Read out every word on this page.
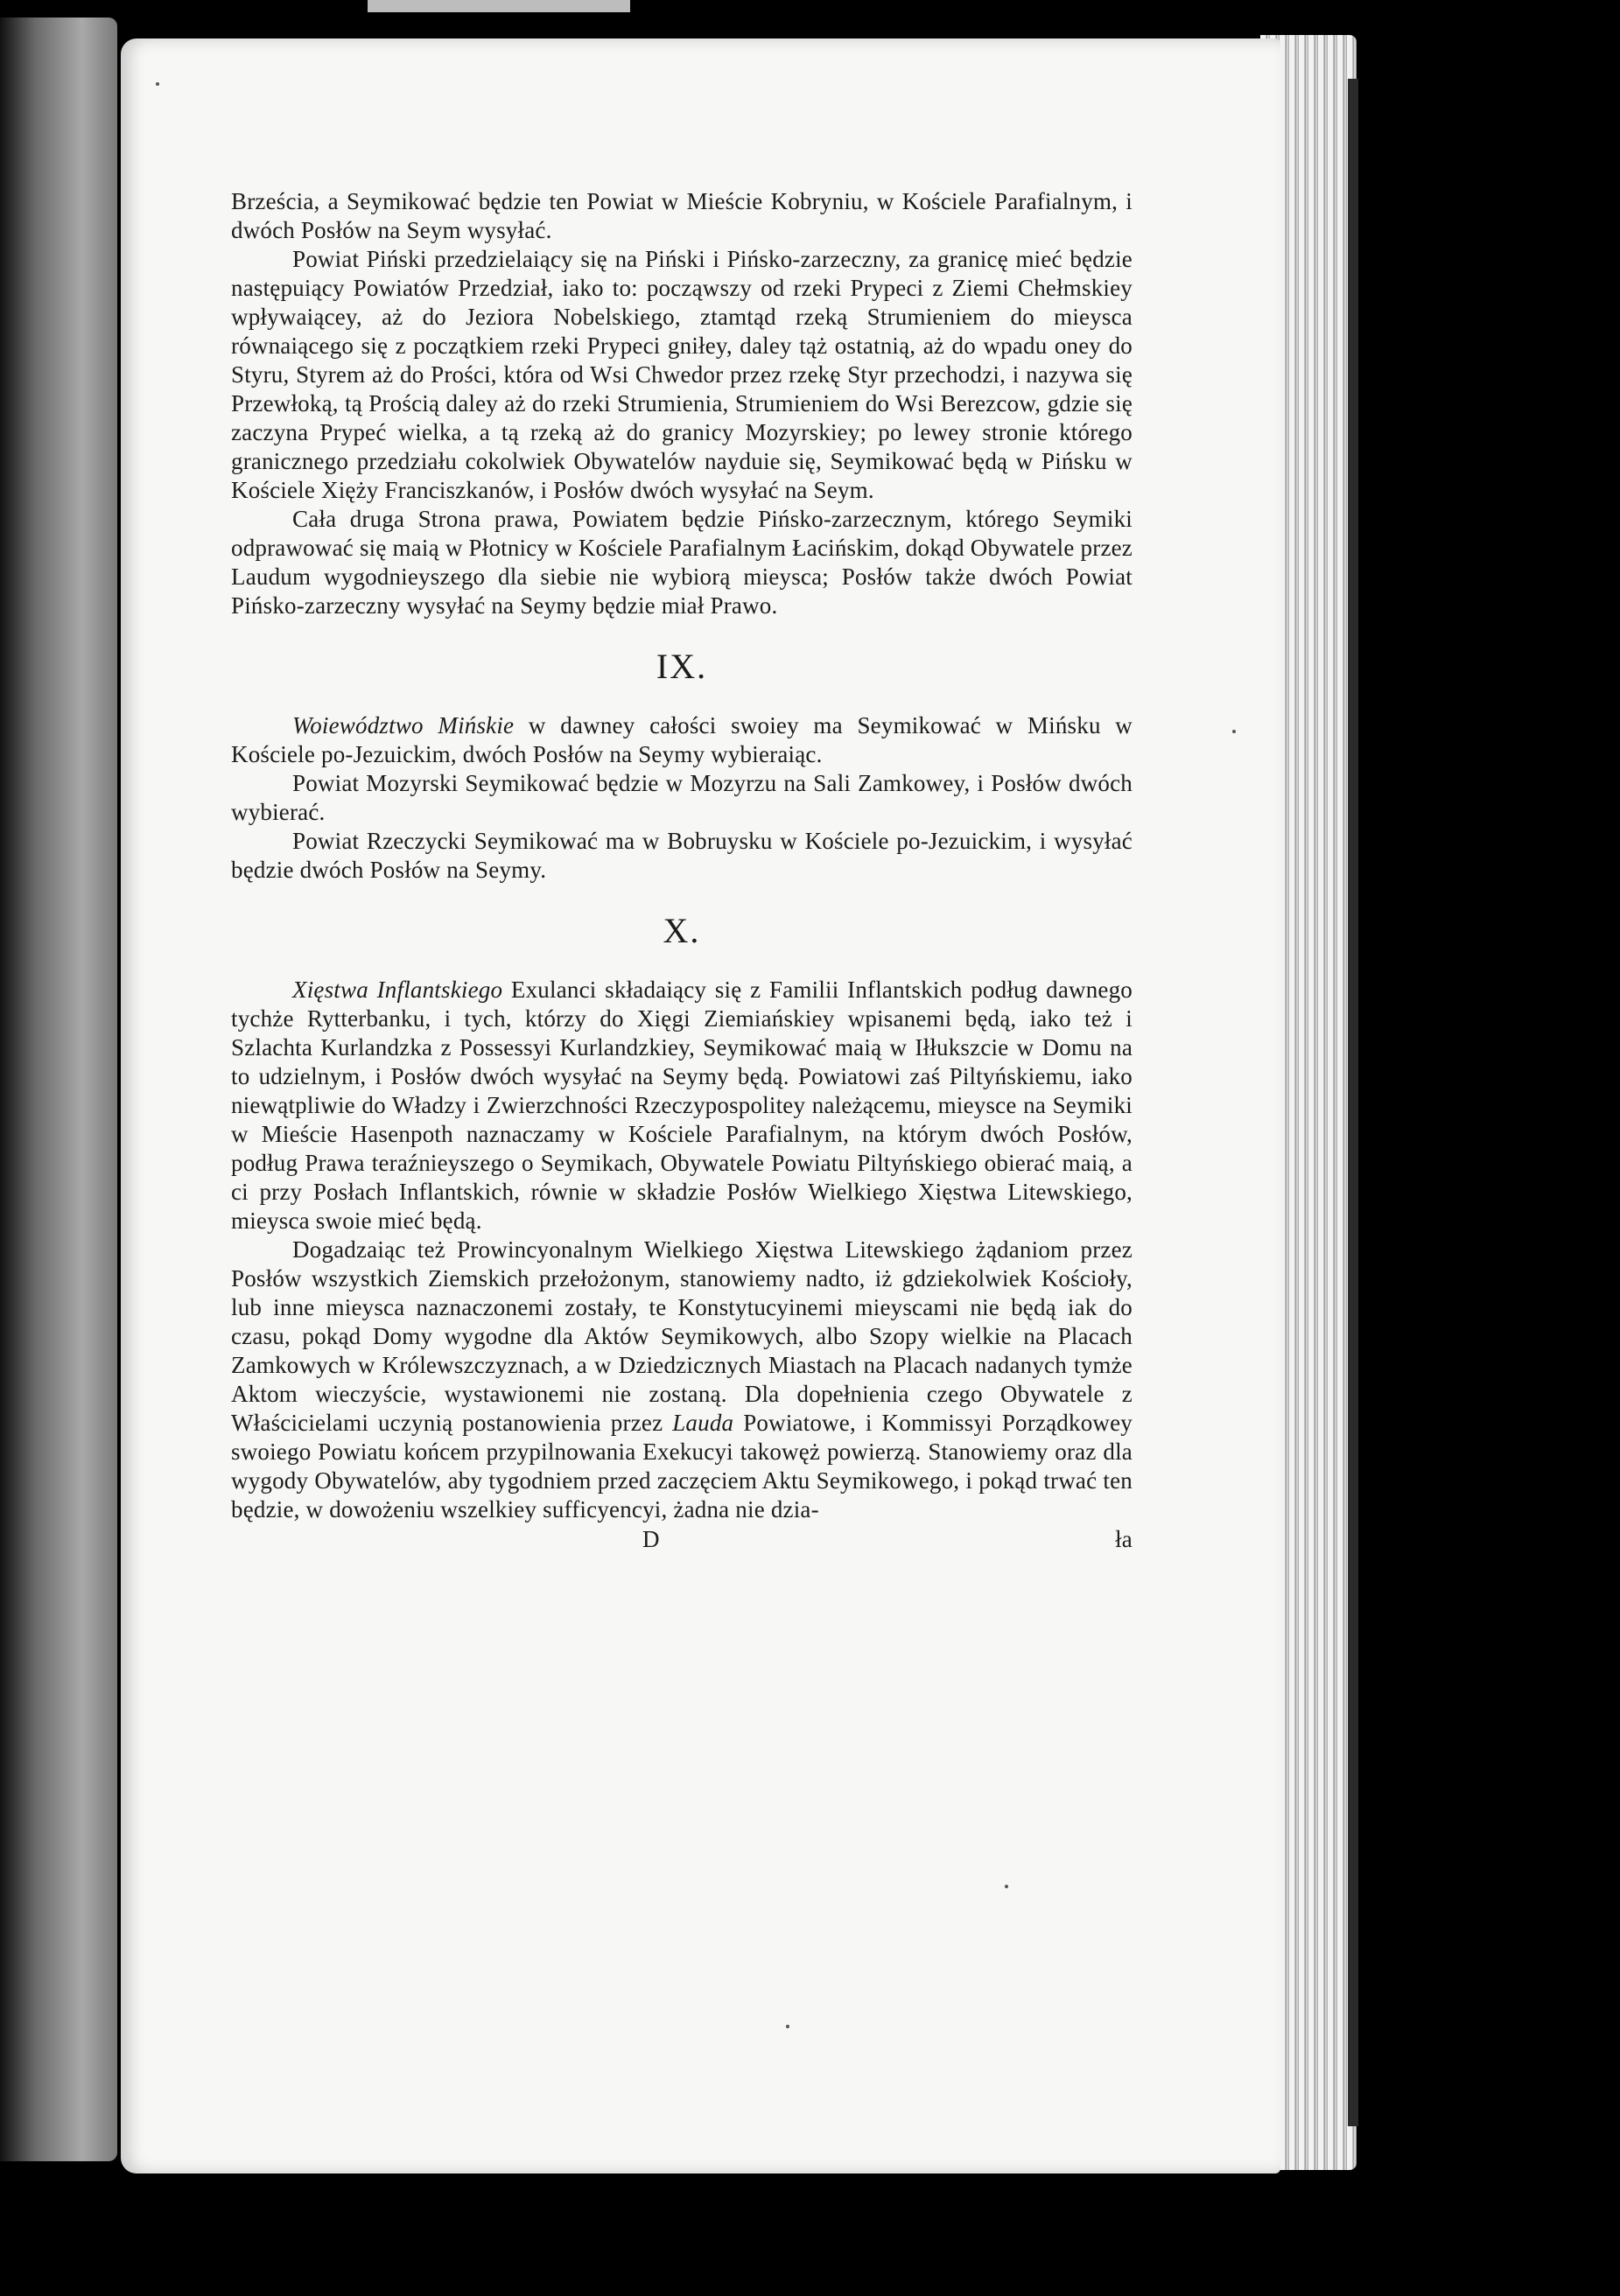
Brześcia, a Seymikować będzie ten Powiat w Mieście Kobryniu, w Kościele Parafialnym, i dwóch Posłów na Seym wysyłać.

Powiat Piński przedzielaiący się na Piński i Pińsko-zarzeczny, za granicę mieć będzie następuiący Powiatów Przedział, iako to: począwszy od rzeki Prypeci z Ziemi Chełmskiey wpływaiącey, aż do Jeziora Nobelskiego, ztamtąd rzeką Strumieniem do mieysca równaiącego się z początkiem rzeki Prypeci gniłey, daley tąż ostatnią, aż do wpadu oney do Styru, Styrem aż do Prości, która od Wsi Chwedor przez rzekę Styr przechodzi, i nazywa się Przewłoką, tą Prością daley aż do rzeki Strumienia, Strumieniem do Wsi Berezcow, gdzie się zaczyna Prypeć wielka, a tą rzeką aż do granicy Mozyrskiey; po lewey stronie którego granicznego przedziału cokolwiek Obywatelów nayduie się, Seymikować będą w Pińsku w Kościele Xięży Franciszkanów, i Posłów dwóch wysyłać na Seym.

Cała druga Strona prawa, Powiatem będzie Pińsko-zarzecznym, którego Seymiki odprawować się maią w Płotnicy w Kościele Parafialnym Łacińskim, dokąd Obywatele przez Laudum wygodnieyszego dla siebie nie wybiorą mieysca; Posłów także dwóch Powiat Pińsko-zarzeczny wysyłać na Seymy będzie miał Prawo.

IX.

Woiewództwo Mińskie w dawney całości swoiey ma Seymikować w Mińsku w Kościele po-Jezuickim, dwóch Posłów na Seymy wybieraiąc.

Powiat Mozyrski Seymikować będzie w Mozyrzu na Sali Zamkowey, i Posłów dwóch wybierać.

Powiat Rzeczycki Seymikować ma w Bobruysku w Kościele po-Jezuickim, i wysyłać będzie dwóch Posłów na Seymy.

X.

Xięstwa Inflantskiego Exulanci składaiący się z Familii Inflantskich podług dawnego tychże Rytterbanku, i tych, którzy do Xięgi Ziemiańskiey wpisanemi będą, iako też i Szlachta Kurlandzka z Possessyi Kurlandzkiey, Seymikować maią w Iłłukszcie w Domu na to udzielnym, i Posłów dwóch wysyłać na Seymy będą. Powiatowi zaś Piltyńskiemu, iako niewątpliwie do Władzy i Zwierzchności Rzeczypospolitey należącemu, mieysce na Seymiki w Mieście Hasenpoth naznaczamy w Kościele Parafialnym, na którym dwóch Posłów, podług Prawa teraźnieyszego o Seymikach, Obywatele Powiatu Piltyńskiego obierać maią, a ci przy Posłach Inflantskich, równie w składzie Posłów Wielkiego Xięstwa Litewskiego, mieysca swoie mieć będą.

Dogadzaiąc też Prowincyonalnym Wielkiego Xięstwa Litewskiego żądaniom przez Posłów wszystkich Ziemskich przełożonym, stanowiemy nadto, iż gdziekolwiek Kościoły, lub inne mieysca naznaczonemi zostały, te Konstytucyinemi mieyscami nie będą iak do czasu, pokąd Domy wygodne dla Aktów Seymikowych, albo Szopy wielkie na Placach Zamkowych w Królewszczyznach, a w Dziedzicznych Miastach na Placach nadanych tymże Aktom wieczyście, wystawionemi nie zostaną. Dla dopełnienia czego Obywatele z Właścicielami uczynią postanowienia przez Lauda Powiatowe, i Kommissyi Porządkowey swoiego Powiatu końcem przypilnowania Exekucyi takowęż powierzą. Stanowiemy oraz dla wygody Obywatelów, aby tygodniem przed zaczęciem Aktu Seymikowego, i pokąd trwać ten będzie, w dowożeniu wszelkiey sufficyencyi, żadna nie dzia-

D	ła
